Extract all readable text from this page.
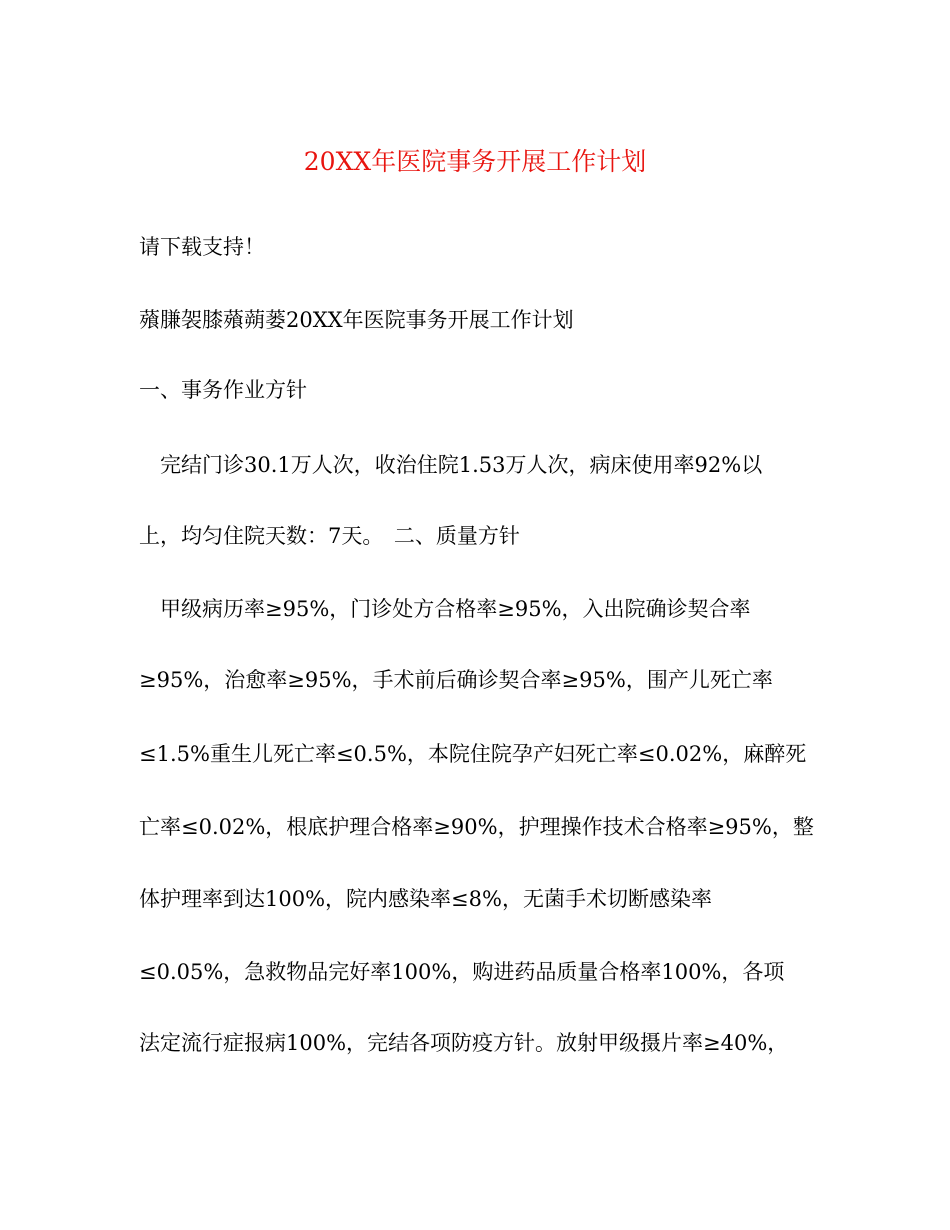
20XX年医院事务开展工作计划
请下载支持！
薞膁袈膝薞蒴蒌20XX年医院事务开展工作计划
一、事务作业方针
　完结门诊30.1万人次，收治住院1.53万人次，病床使用率92%以
上，均匀住院天数：7天。　二、质量方针
　甲级病历率≥95%，门诊处方合格率≥95%，入出院确诊契合率
≥95%，治愈率≥95%，手术前后确诊契合率≥95%，围产儿死亡率
≤1.5%重生儿死亡率≤0.5%，本院住院孕产妇死亡率≤0.02%，麻醉死
亡率≤0.02%，根底护理合格率≥90%，护理操作技术合格率≥95%，整
体护理率到达100%，院内感染率≤8%，无菌手术切断感染率
≤0.05%，急救物品完好率100%，购进药品质量合格率100%，各项
法定流行症报病100%，完结各项防疫方针。放射甲级摄片率≥40%，
